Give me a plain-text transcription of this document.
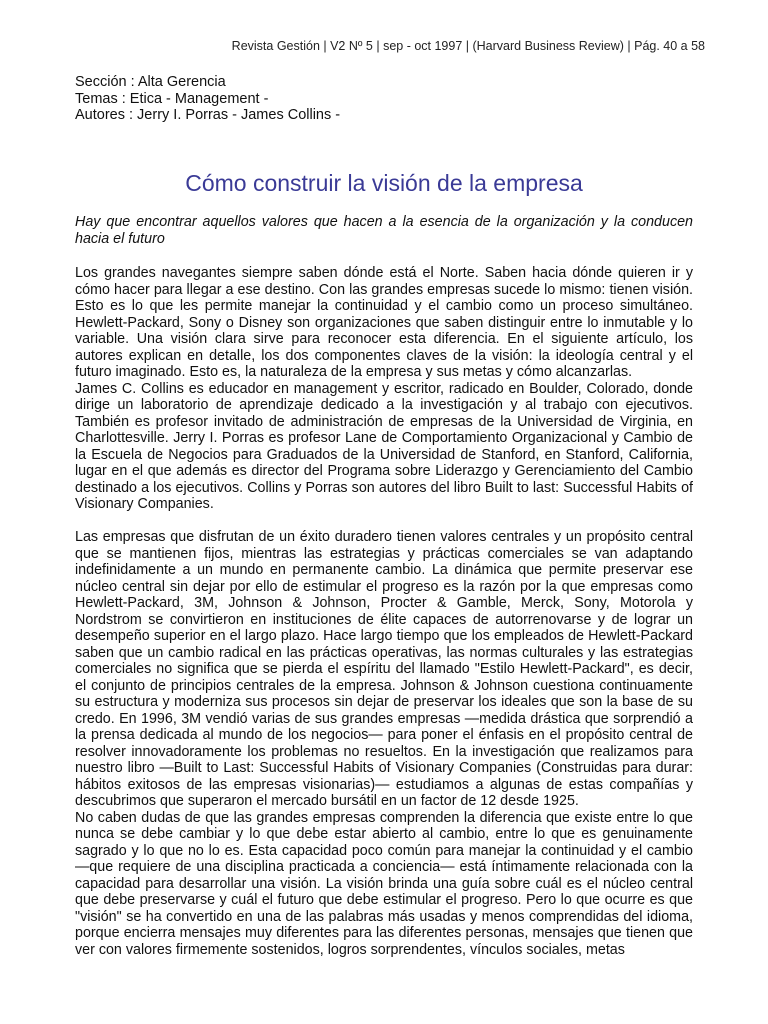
Revista Gestión | V2 Nº 5 | sep - oct 1997 | (Harvard Business Review) | Pág. 40 a 58
Sección : Alta Gerencia
Temas : Etica - Management -
Autores : Jerry I. Porras - James Collins -
Cómo construir la visión de la empresa
Hay que encontrar aquellos valores que hacen a la esencia de la organización y la conducen hacia el futuro

Los grandes navegantes siempre saben dónde está el Norte. Saben hacia dónde quieren ir y cómo hacer para llegar a ese destino. Con las grandes empresas sucede lo mismo: tienen visión. Esto es lo que les permite manejar la continuidad y el cambio como un proceso simultáneo. Hewlett-Packard, Sony o Disney son organizaciones que saben distinguir entre lo inmutable y lo variable. Una visión clara sirve para reconocer esta diferencia. En el siguiente artículo, los autores explican en detalle, los dos componentes claves de la visión: la ideología central y el futuro imaginado. Esto es, la naturaleza de la empresa y sus metas y cómo alcanzarlas.

James C. Collins es educador en management y escritor, radicado en Boulder, Colorado, donde dirige un laboratorio de aprendizaje dedicado a la investigación y al trabajo con ejecutivos. También es profesor invitado de administración de empresas de la Universidad de Virginia, en Charlottesville. Jerry I. Porras es profesor Lane de Comportamiento Organizacional y Cambio de la Escuela de Negocios para Graduados de la Universidad de Stanford, en Stanford, California, lugar en el que además es director del Programa sobre Liderazgo y Gerenciamiento del Cambio destinado a los ejecutivos. Collins y Porras son autores del libro Built to last: Successful Habits of Visionary Companies.

Las empresas que disfrutan de un éxito duradero tienen valores centrales y un propósito central que se mantienen fijos, mientras las estrategias y prácticas comerciales se van adaptando indefinidamente a un mundo en permanente cambio. La dinámica que permite preservar ese núcleo central sin dejar por ello de estimular el progreso es la razón por la que empresas como Hewlett-Packard, 3M, Johnson & Johnson, Procter & Gamble, Merck, Sony, Motorola y Nordstrom se convirtieron en instituciones de élite capaces de autorrenovarse y de lograr un desempeño superior en el largo plazo. Hace largo tiempo que los empleados de Hewlett-Packard saben que un cambio radical en las prácticas operativas, las normas culturales y las estrategias comerciales no significa que se pierda el espíritu del llamado "Estilo Hewlett-Packard", es decir, el conjunto de principios centrales de la empresa. Johnson & Johnson cuestiona continuamente su estructura y moderniza sus procesos sin dejar de preservar los ideales que son la base de su credo. En 1996, 3M vendió varias de sus grandes empresas —medida drástica que sorprendió a la prensa dedicada al mundo de los negocios— para poner el énfasis en el propósito central de resolver innovadoramente los problemas no resueltos. En la investigación que realizamos para nuestro libro —Built to Last: Successful Habits of Visionary Companies (Construidas para durar: hábitos exitosos de las empresas visionarias)— estudiamos a algunas de estas compañías y descubrimos que superaron el mercado bursátil en un factor de 12 desde 1925.

No caben dudas de que las grandes empresas comprenden la diferencia que existe entre lo que nunca se debe cambiar y lo que debe estar abierto al cambio, entre lo que es genuinamente sagrado y lo que no lo es. Esta capacidad poco común para manejar la continuidad y el cambio —que requiere de una disciplina practicada a conciencia— está íntimamente relacionada con la capacidad para desarrollar una visión. La visión brinda una guía sobre cuál es el núcleo central que debe preservarse y cuál el futuro que debe estimular el progreso. Pero lo que ocurre es que "visión" se ha convertido en una de las palabras más usadas y menos comprendidas del idioma, porque encierra mensajes muy diferentes para las diferentes personas, mensajes que tienen que ver con valores firmemente sostenidos, logros sorprendentes, vínculos sociales, metas
